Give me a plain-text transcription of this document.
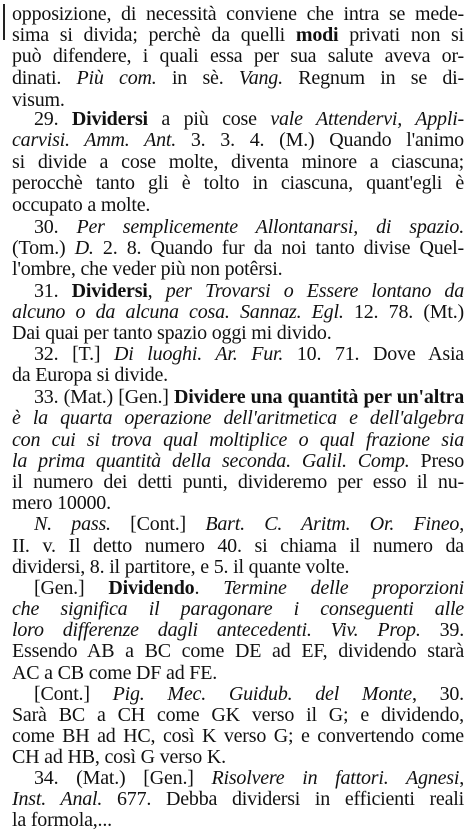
opposizione, di necessità conviene che intra se mede-
sima si divida; perchè da quelli modi privati non si
può difendere, i quali essa per sua salute aveva or-
dinati. Più com. in sè. Vang. Regnum in se di-
visum.
29. Dividersi a più cose vale Attendervi, Appli-
carvisi. Amm. Ant. 3. 3. 4. (M.) Quando l'animo
si divide a cose molte, diventa minore a ciascuna;
perocchè tanto gli è tolto in ciascuna, quant'egli è
occupato a molte.
30. Per semplicemente Allontanarsi, di spazio.
(Tom.) D. 2. 8. Quando fur da noi tanto divise Quel-
l'ombre, che veder più non potêrsi.
31. Dividersi, per Trovarsi o Essere lontano da
alcuno o da alcuna cosa. Sannaz. Egl. 12. 78. (Mt.)
Dai quai per tanto spazio oggi mi divido.
32. [T.] Di luoghi. Ar. Fur. 10. 71. Dove Asia
da Europa si divide.
33. (Mat.) [Gen.] Dividere una quantità per un'altra
è la quarta operazione dell'aritmetica e dell'algebra
con cui si trova qual moltiplice o qual frazione sia
la prima quantità della seconda. Galil. Comp. Preso
il numero dei detti punti, divideremo per esso il nu-
mero 10000.
N. pass. [Cont.] Bart. C. Aritm. Or. Fineo,
II. v. Il detto numero 40. si chiama il numero da
dividersi, 8. il partitore, e 5. il quante volte.
[Gen.] Dividendo. Termine delle proporzioni
che significa il paragonare i conseguenti alle
loro differenze dagli antecedenti. Viv. Prop. 39.
Essendo AB a BC come DE ad EF, dividendo starà
AC a CB come DF ad FE.
[Cont.] Pig. Mec. Guidub. del Monte, 30.
Sarà BC a CH come GK verso il G; e dividendo,
come BH ad HC, così K verso G; e convertendo come
CH ad HB, così G verso K.
34. (Mat.) [Gen.] Risolvere in fattori. Agnesi,
Inst. Anal. 677. Debba dividersi in efficienti reali
la formola,...
